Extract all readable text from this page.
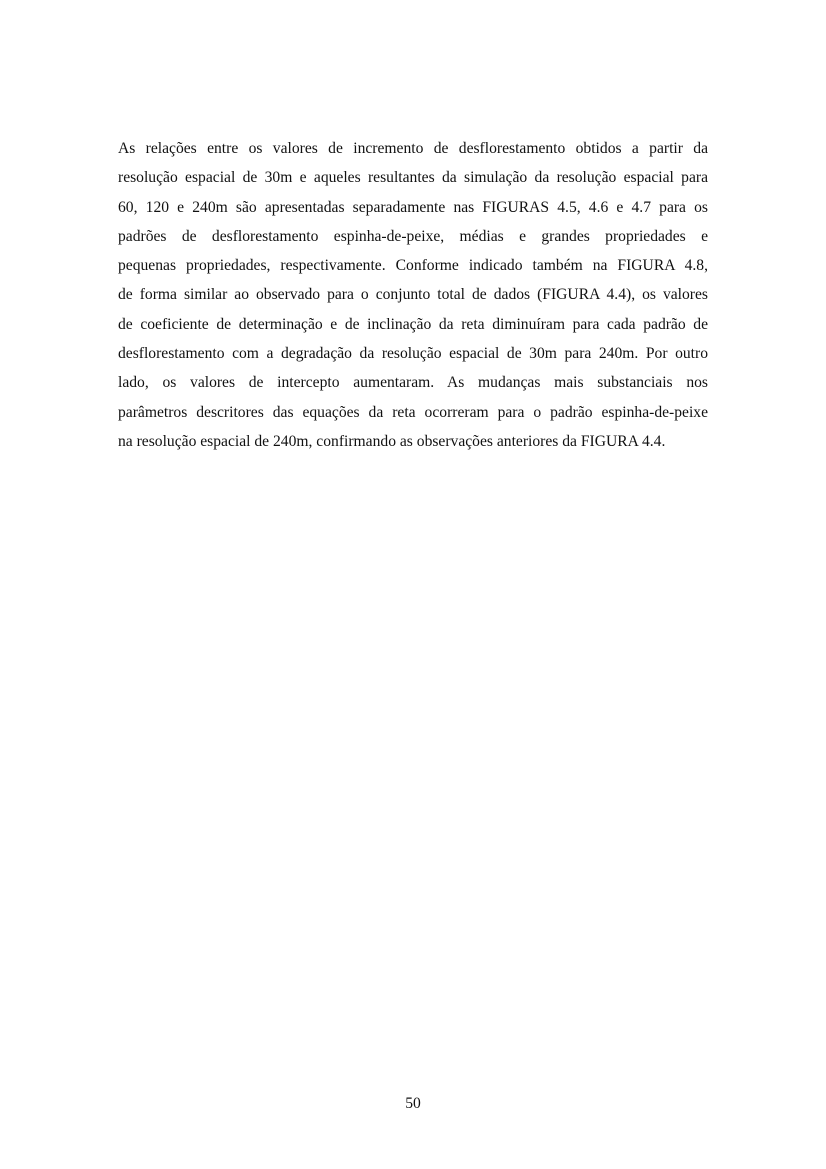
As relações entre os valores de incremento de desflorestamento obtidos a partir da
resolução espacial de 30m e aqueles resultantes da simulação da resolução espacial para
60, 120 e 240m são apresentadas separadamente nas FIGURAS 4.5, 4.6 e 4.7 para os
padrões de desflorestamento espinha-de-peixe, médias e grandes propriedades e
pequenas propriedades, respectivamente. Conforme indicado também na FIGURA 4.8,
de forma similar ao observado para o conjunto total de dados (FIGURA 4.4), os valores
de coeficiente de determinação e de inclinação da reta diminuíram para cada padrão de
desflorestamento com a degradação da resolução espacial de 30m para 240m. Por outro
lado, os valores de intercepto aumentaram. As mudanças mais substanciais nos
parâmetros descritores das equações da reta ocorreram para o padrão espinha-de-peixe
na resolução espacial de 240m, confirmando as observações anteriores da FIGURA 4.4.
50
